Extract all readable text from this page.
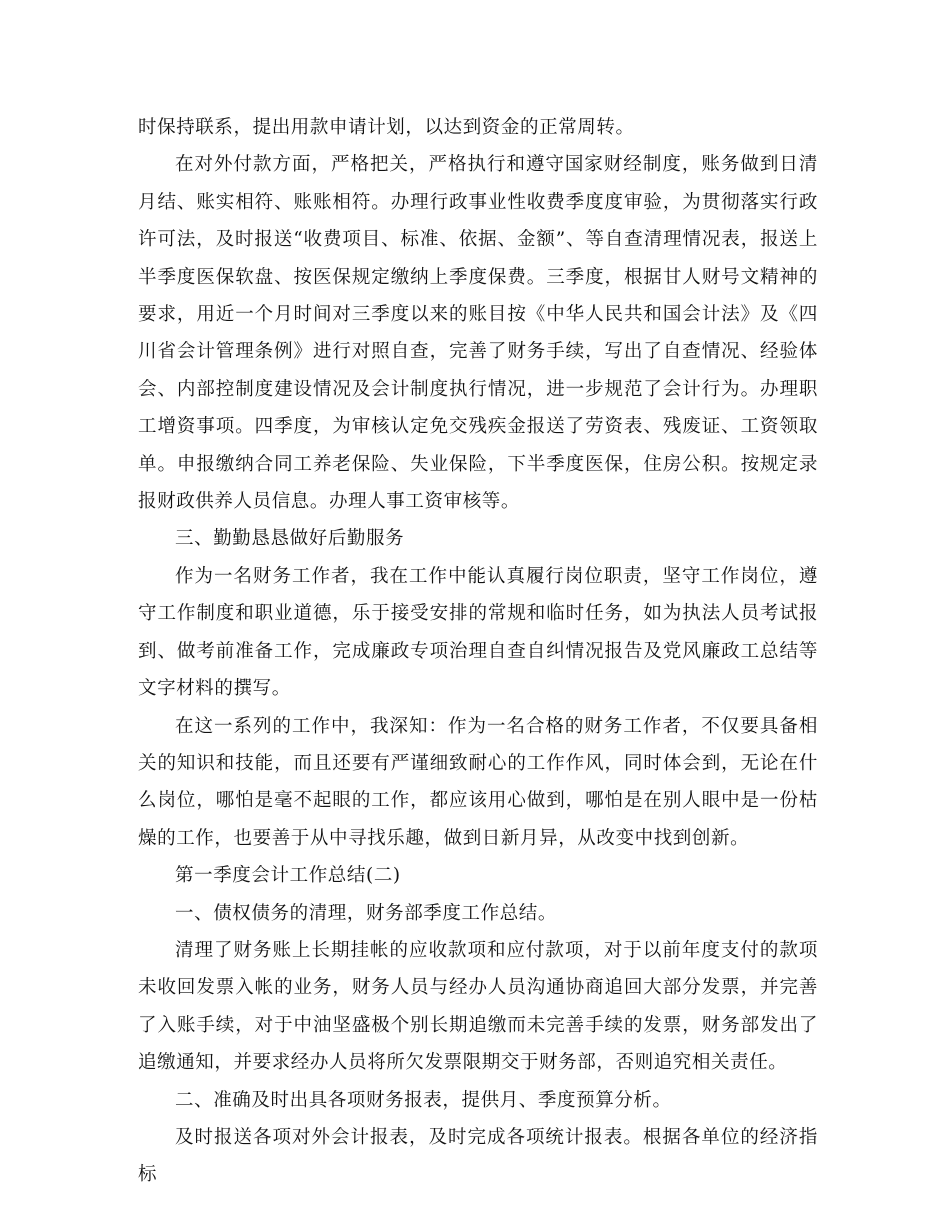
时保持联系，提出用款申请计划，以达到资金的正常周转。

在对外付款方面，严格把关，严格执行和遵守国家财经制度，账务做到日清月结、账实相符、账账相符。办理行政事业性收费季度度审验，为贯彻落实行政许可法，及时报送“收费项目、标准、依据、金额”、等自查清理情况表，报送上半季度医保软盘、按医保规定缴纳上季度保费。三季度，根据甘人财号文精神的要求，用近一个月时间对三季度以来的账目按《中华人民共和国会计法》及《四川省会计管理条例》进行对照自查，完善了财务手续，写出了自查情况、经验体会、内部控制度建设情况及会计制度执行情况，进一步规范了会计行为。办理职工增资事项。四季度，为审核认定免交残疾金报送了劳资表、残废证、工资领取单。申报缴纳合同工养老保险、失业保险，下半季度医保，住房公积。按规定录报财政供养人员信息。办理人事工资审核等。

三、勤勤恳恳做好后勤服务

作为一名财务工作者，我在工作中能认真履行岗位职责，坚守工作岗位，遵守工作制度和职业道德，乐于接受安排的常规和临时任务，如为执法人员考试报到、做考前准备工作，完成廉政专项治理自查自纠情况报告及党风廉政工总结等文字材料的撰写。

在这一系列的工作中，我深知：作为一名合格的财务工作者，不仅要具备相关的知识和技能，而且还要有严谨细致耐心的工作作风，同时体会到，无论在什么岗位，哪怕是毫不起眼的工作，都应该用心做到，哪怕是在别人眼中是一份枯燥的工作，也要善于从中寻找乐趣，做到日新月异，从改变中找到创新。

第一季度会计工作总结(二)

一、债权债务的清理，财务部季度工作总结。

清理了财务账上长期挂帐的应收款项和应付款项，对于以前年度支付的款项未收回发票入帐的业务，财务人员与经办人员沟通协商追回大部分发票，并完善了入账手续，对于中油坚盛极个别长期追缴而未完善手续的发票，财务部发出了追缴通知，并要求经办人员将所欠发票限期交于财务部，否则追究相关责任。

二、准确及时出具各项财务报表，提供月、季度预算分析。

及时报送各项对外会计报表，及时完成各项统计报表。根据各单位的经济指标
